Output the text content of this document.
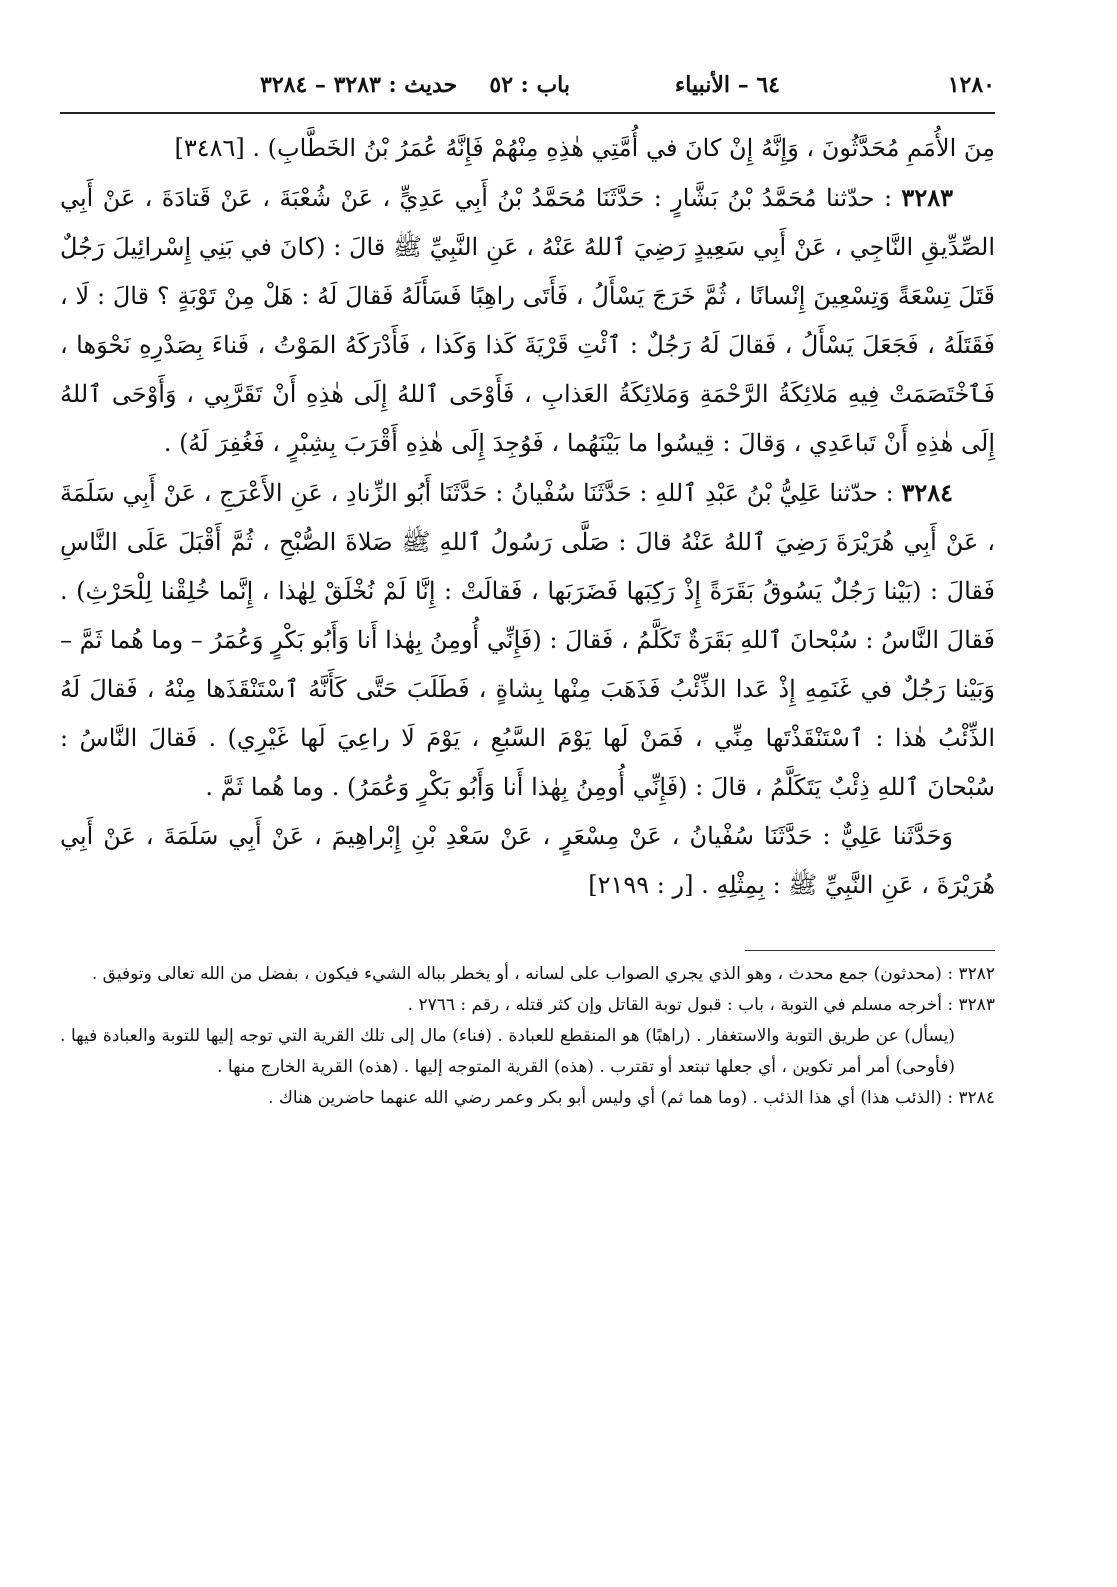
١٢٨٠
٦٤ – الأنبياء
باب : ٥٢
حديث : ٣٢٨٣ – ٣٢٨٤

مِنَ الأُمَمِ مُحَدَّثُونَ ، وَإِنَّهُ إِنْ كانَ في أُمَّتِي هٰذِهِ مِنْهُمْ فَإِنَّهُ عُمَرُ بْنُ الخَطَّابِ) . [٣٤٨٦]

٣٢٨٣ : حدّثنا مُحَمَّدُ بْنُ بَشَّارٍ : حَدَّثَنَا مُحَمَّدُ بْنُ أَبِي عَدِيٍّ ، عَنْ شُعْبَةَ ، عَنْ قَتادَةَ ، عَنْ أَبِي الصِّدِّيقِ النَّاجِي ، عَنْ أَبِي سَعِيدٍ رَضِيَ ٱللهُ عَنْهُ ، عَنِ النَّبِيِّ ﷺ قالَ : (كانَ في بَنِي إِسْرائِيلَ رَجُلٌ قَتَلَ تِسْعَةً وَتِسْعِينَ إِنْسانًا ، ثُمَّ خَرَجَ يَسْأَلُ ، فَأَتَى راهِبًا فَسَأَلَهُ فَقالَ لَهُ : هَلْ مِنْ تَوْبَةٍ ؟ قالَ : لَا ، فَقَتَلَهُ ، فَجَعَلَ يَسْأَلُ ، فَقالَ لَهُ رَجُلٌ : ٱئْتِ قَرْيَةَ كَذا وَكَذا ، فَأَدْرَكَهُ المَوْتُ ، فَناءَ بِصَدْرِهِ نَحْوَها ، فَٱخْتَصَمَتْ فِيهِ مَلائِكَةُ الرَّحْمَةِ وَمَلائِكَةُ العَذابِ ، فَأَوْحَى ٱللهُ إِلَى هٰذِهِ أَنْ تَقَرَّبِي ، وَأَوْحَى ٱللهُ إِلَى هٰذِهِ أَنْ تَباعَدِي ، وَقالَ : قِيسُوا ما بَيْنَهُما ، فَوُجِدَ إِلَى هٰذِهِ أَقْرَبَ بِشِبْرٍ ، فَغُفِرَ لَهُ) .

٣٢٨٤ : حدّثنا عَلِيُّ بْنُ عَبْدِ ٱللهِ : حَدَّثَنَا سُفْيانُ : حَدَّثَنَا أَبُو الزِّنادِ ، عَنِ الأَعْرَجِ ، عَنْ أَبِي سَلَمَةَ ، عَنْ أَبِي هُرَيْرَةَ رَضِيَ ٱللهُ عَنْهُ قالَ : صَلَّى رَسُولُ ٱللهِ ﷺ صَلاةَ الصُّبْحِ ، ثُمَّ أَقْبَلَ عَلَى النَّاسِ فَقالَ : (بَيْنا رَجُلٌ يَسُوقُ بَقَرَةً إِذْ رَكِبَها فَضَرَبَها ، فَقالَتْ : إِنَّا لَمْ نُخْلَقْ لِهٰذا ، إِنَّما خُلِقْنا لِلْحَرْثِ) . فَقالَ النَّاسُ : سُبْحانَ ٱللهِ بَقَرَةٌ تَكَلَّمُ ، فَقالَ : (فَإِنِّي أُومِنُ بِهٰذا أَنا وَأَبُو بَكْرٍ وَعُمَرُ – وما هُما ثَمَّ – وَبَيْنا رَجُلٌ في غَنَمِهِ إِذْ عَدا الذِّئْبُ فَذَهَبَ مِنْها بِشاةٍ ، فَطَلَبَ حَتَّى كَأَنَّهُ ٱسْتَنْقَذَها مِنْهُ ، فَقالَ لَهُ الذِّئْبُ هٰذا : ٱسْتَنْقَذْتَها مِنِّي ، فَمَنْ لَها يَوْمَ السَّبُعِ ، يَوْمَ لَا راعِيَ لَها غَيْرِي) . فَقالَ النَّاسُ : سُبْحانَ ٱللهِ ذِئْبٌ يَتَكَلَّمُ ، قالَ : (فَإِنِّي أُومِنُ بِهٰذا أَنا وَأَبُو بَكْرٍ وَعُمَرُ) . وما هُما ثَمَّ .

وَحَدَّثَنا عَلِيٌّ : حَدَّثَنَا سُفْيانُ ، عَنْ مِسْعَرٍ ، عَنْ سَعْدِ بْنِ إِبْراهِيمَ ، عَنْ أَبِي سَلَمَةَ ، عَنْ أَبِي هُرَيْرَةَ ، عَنِ النَّبِيِّ ﷺ : بِمِثْلِهِ . [ر : ٢١٩٩]

٣٢٨٢ : (محدثون) جمع محدث ، وهو الذي يجري الصواب على لسانه ، أو يخطر بباله الشيء فيكون ، بفضل من الله تعالى وتوفيق .

٣٢٨٣ : أخرجه مسلم في التوبة ، باب : قبول توبة القاتل وإن كثر قتله ، رقم : ٢٧٦٦ .

(يسأل) عن طريق التوبة والاستغفار . (راهبًا) هو المنقطع للعبادة . (فناء) مال إلى تلك القرية التي توجه إليها للتوبة والعبادة فيها . (فأوحى) أمر أمر تكوين ، أي جعلها تبتعد أو تقترب . (هذه) القرية المتوجه إليها . (هذه) القرية الخارج منها .

٣٢٨٤ : (الذئب هذا) أي هذا الذئب . (وما هما ثم) أي وليس أبو بكر وعمر رضي الله عنهما حاضرين هناك .
